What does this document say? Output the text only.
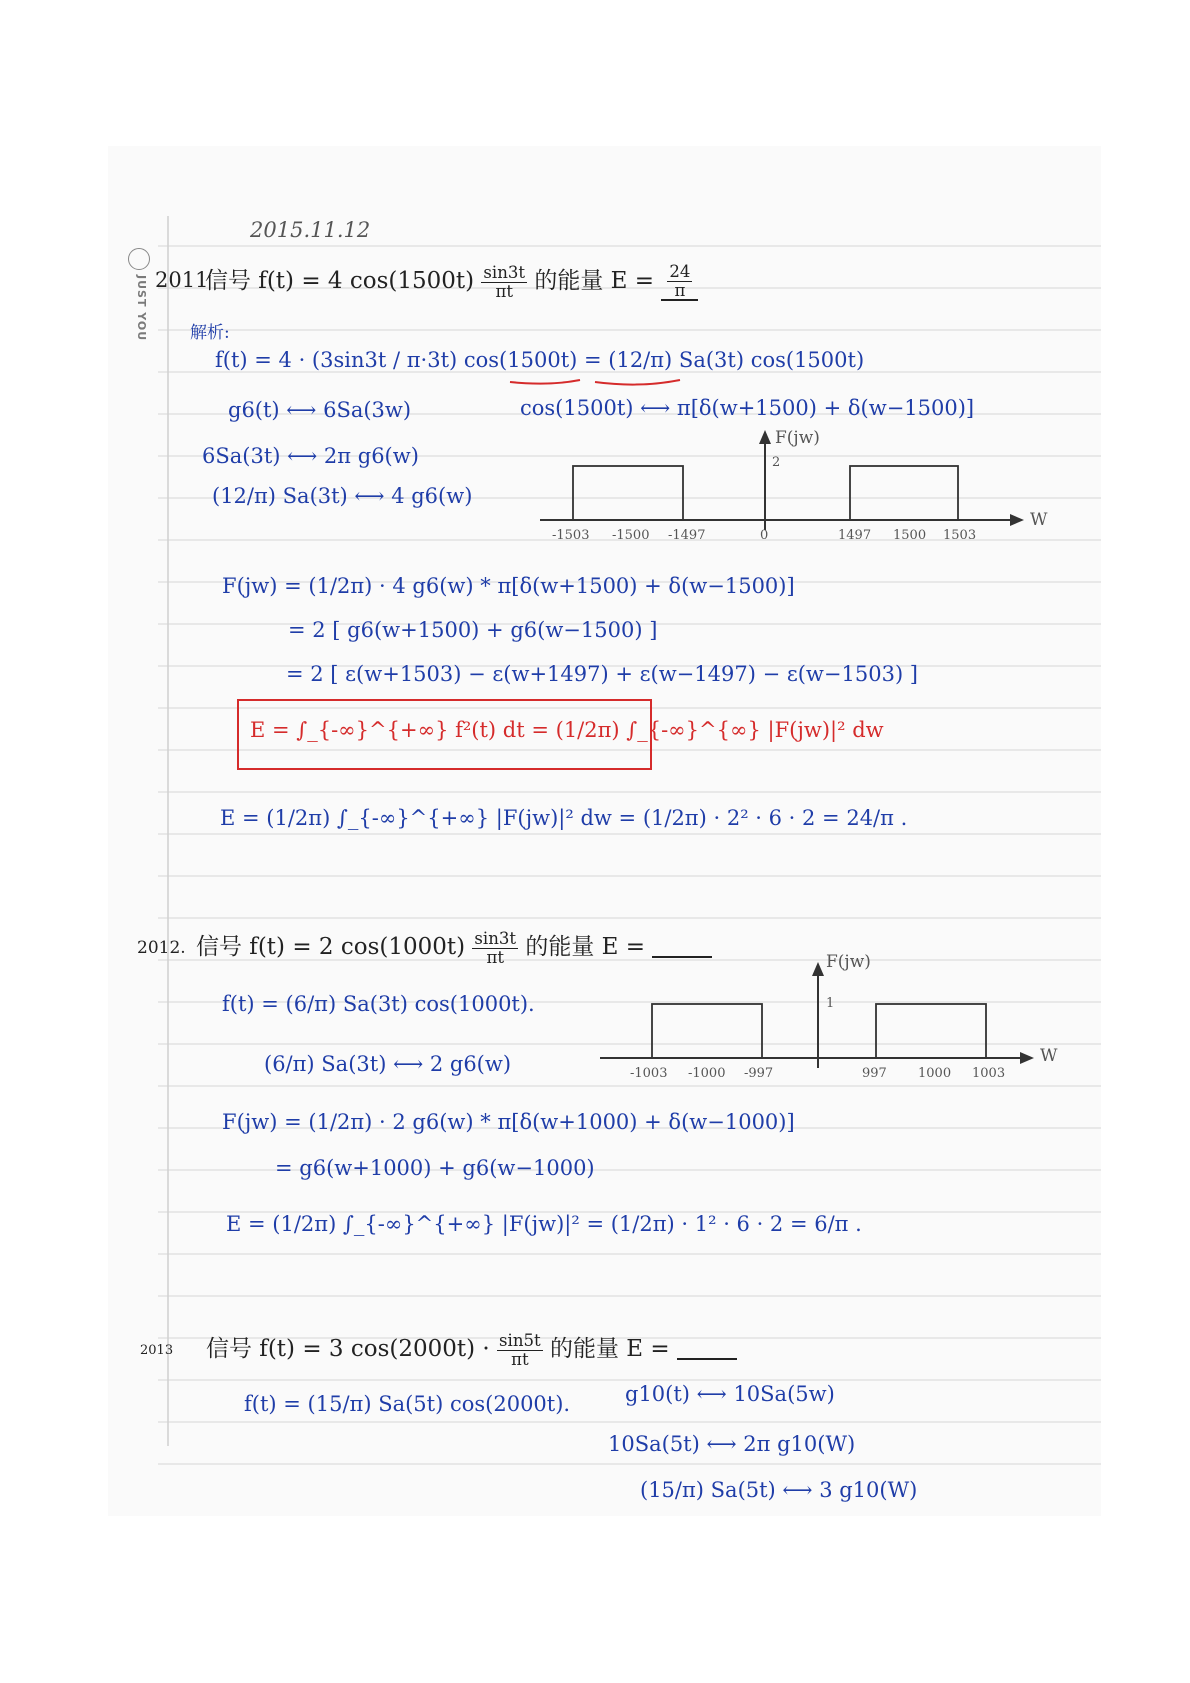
JUST YOU
2015.11.12
2011
信号 f(t) = 4 $\cos(1500t) \frac{\sin 3t}{\pi t}$ 的能量 $E = \frac{24}{\pi}$
解析:
f(t) = 4 · (3sin3t / π·3t) cos(1500t) = (12/π) Sa(3t) cos(1500t)
g6(t) ⟷ 6Sa(3w)	cos(1500t) ⟷ π[δ(w+1500) + δ(w−1500)]
6Sa(3t) ⟷ 2π g6(w)
(12/π) Sa(3t) ⟷ 4 g6(w)
F(jw)
W
2
-1503 -1500 -1497	0	1497 1500 1503
F(jw) = (1/2π) · 4 g6(w) * π[δ(w+1500) + δ(w−1500)]
= 2 [ g6(w+1500) + g6(w−1500) ]
= 2 [ ε(w+1503) − ε(w+1497) + ε(w−1497) − ε(w−1503) ]
E = ∫_{-∞}^{+∞} f²(t) dt = (1/2π) ∫_{-∞}^{∞} |F(jw)|² dw
E = (1/2π) ∫_{-∞}^{+∞} |F(jw)|² dw = (1/2π) · 2² · 6 · 2 = 24/π .
2012. 信号 f(t) = 2 $\cos(1000t) \frac{\sin 3t}{\pi t}$ 的能量 E =
f(t) = (6/π) Sa(3t) cos(1000t).
(6/π) Sa(3t) ⟷ 2 g6(w)
F(jw)
W
1
-1003 -1000 -997	997 1000 1003
F(jw) = (1/2π) · 2 g6(w) * π[δ(w+1000) + δ(w−1000)]
= g6(w+1000) + g6(w−1000)
E = (1/2π) ∫_{-∞}^{+∞} |F(jw)|² = (1/2π) · 1² · 6 · 2 = 6/π .
2013 信号 f(t) = 3 $\cos(2000t) \cdot \frac{\sin 5t}{\pi t}$ 的能量 E =
f(t) = (15/π) Sa(5t) cos(2000t).	g10(t) ⟷ 10Sa(5w)
10Sa(5t) ⟷ 2π g10(W)
(15/π) Sa(5t) ⟷ 3 g10(W)
